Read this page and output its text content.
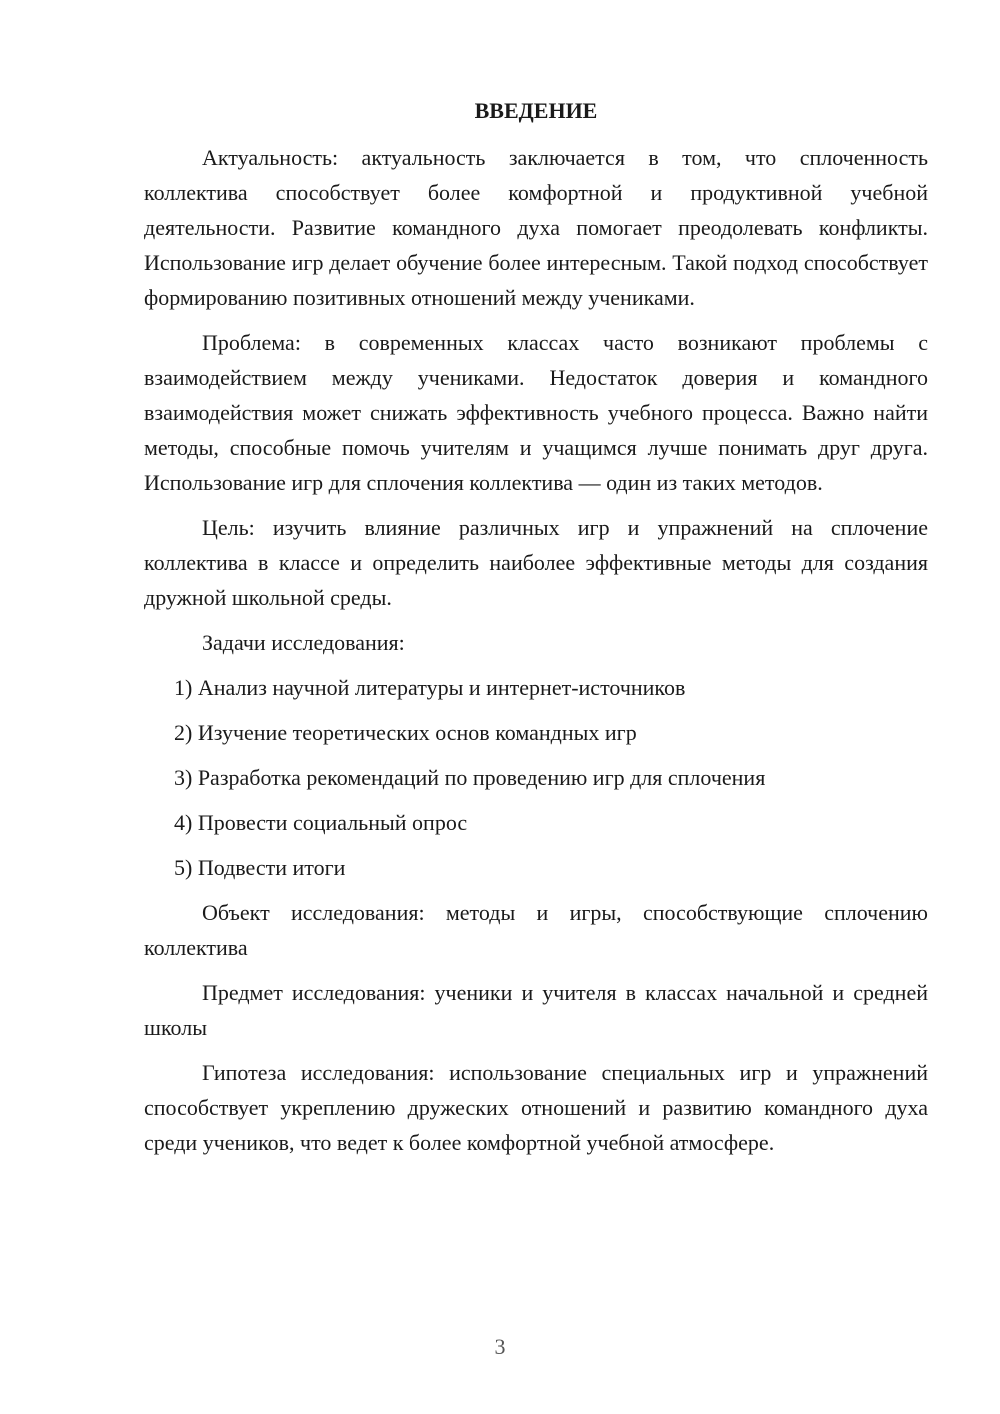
ВВЕДЕНИЕ

Актуальность: актуальность заключается в том, что сплоченность коллектива способствует более комфортной и продуктивной учебной деятельности. Развитие командного духа помогает преодолевать конфликты. Использование игр делает обучение более интересным. Такой подход способствует формированию позитивных отношений между учениками.

Проблема: в современных классах часто возникают проблемы с взаимодействием между учениками. Недостаток доверия и командного взаимодействия может снижать эффективность учебного процесса. Важно найти методы, способные помочь учителям и учащимся лучше понимать друг друга. Использование игр для сплочения коллектива — один из таких методов.

Цель: изучить влияние различных игр и упражнений на сплочение коллектива в классе и определить наиболее эффективные методы для создания дружной школьной среды.

Задачи исследования:

1) Анализ научной литературы и интернет-источников
2) Изучение теоретических основ командных игр
3) Разработка рекомендаций по проведению игр для сплочения
4) Провести социальный опрос
5) Подвести итоги

Объект исследования: методы и игры, способствующие сплочению коллектива

Предмет исследования: ученики и учителя в классах начальной и средней школы

Гипотеза исследования: использование специальных игр и упражнений способствует укреплению дружеских отношений и развитию командного духа среди учеников, что ведет к более комфортной учебной атмосфере.

3
